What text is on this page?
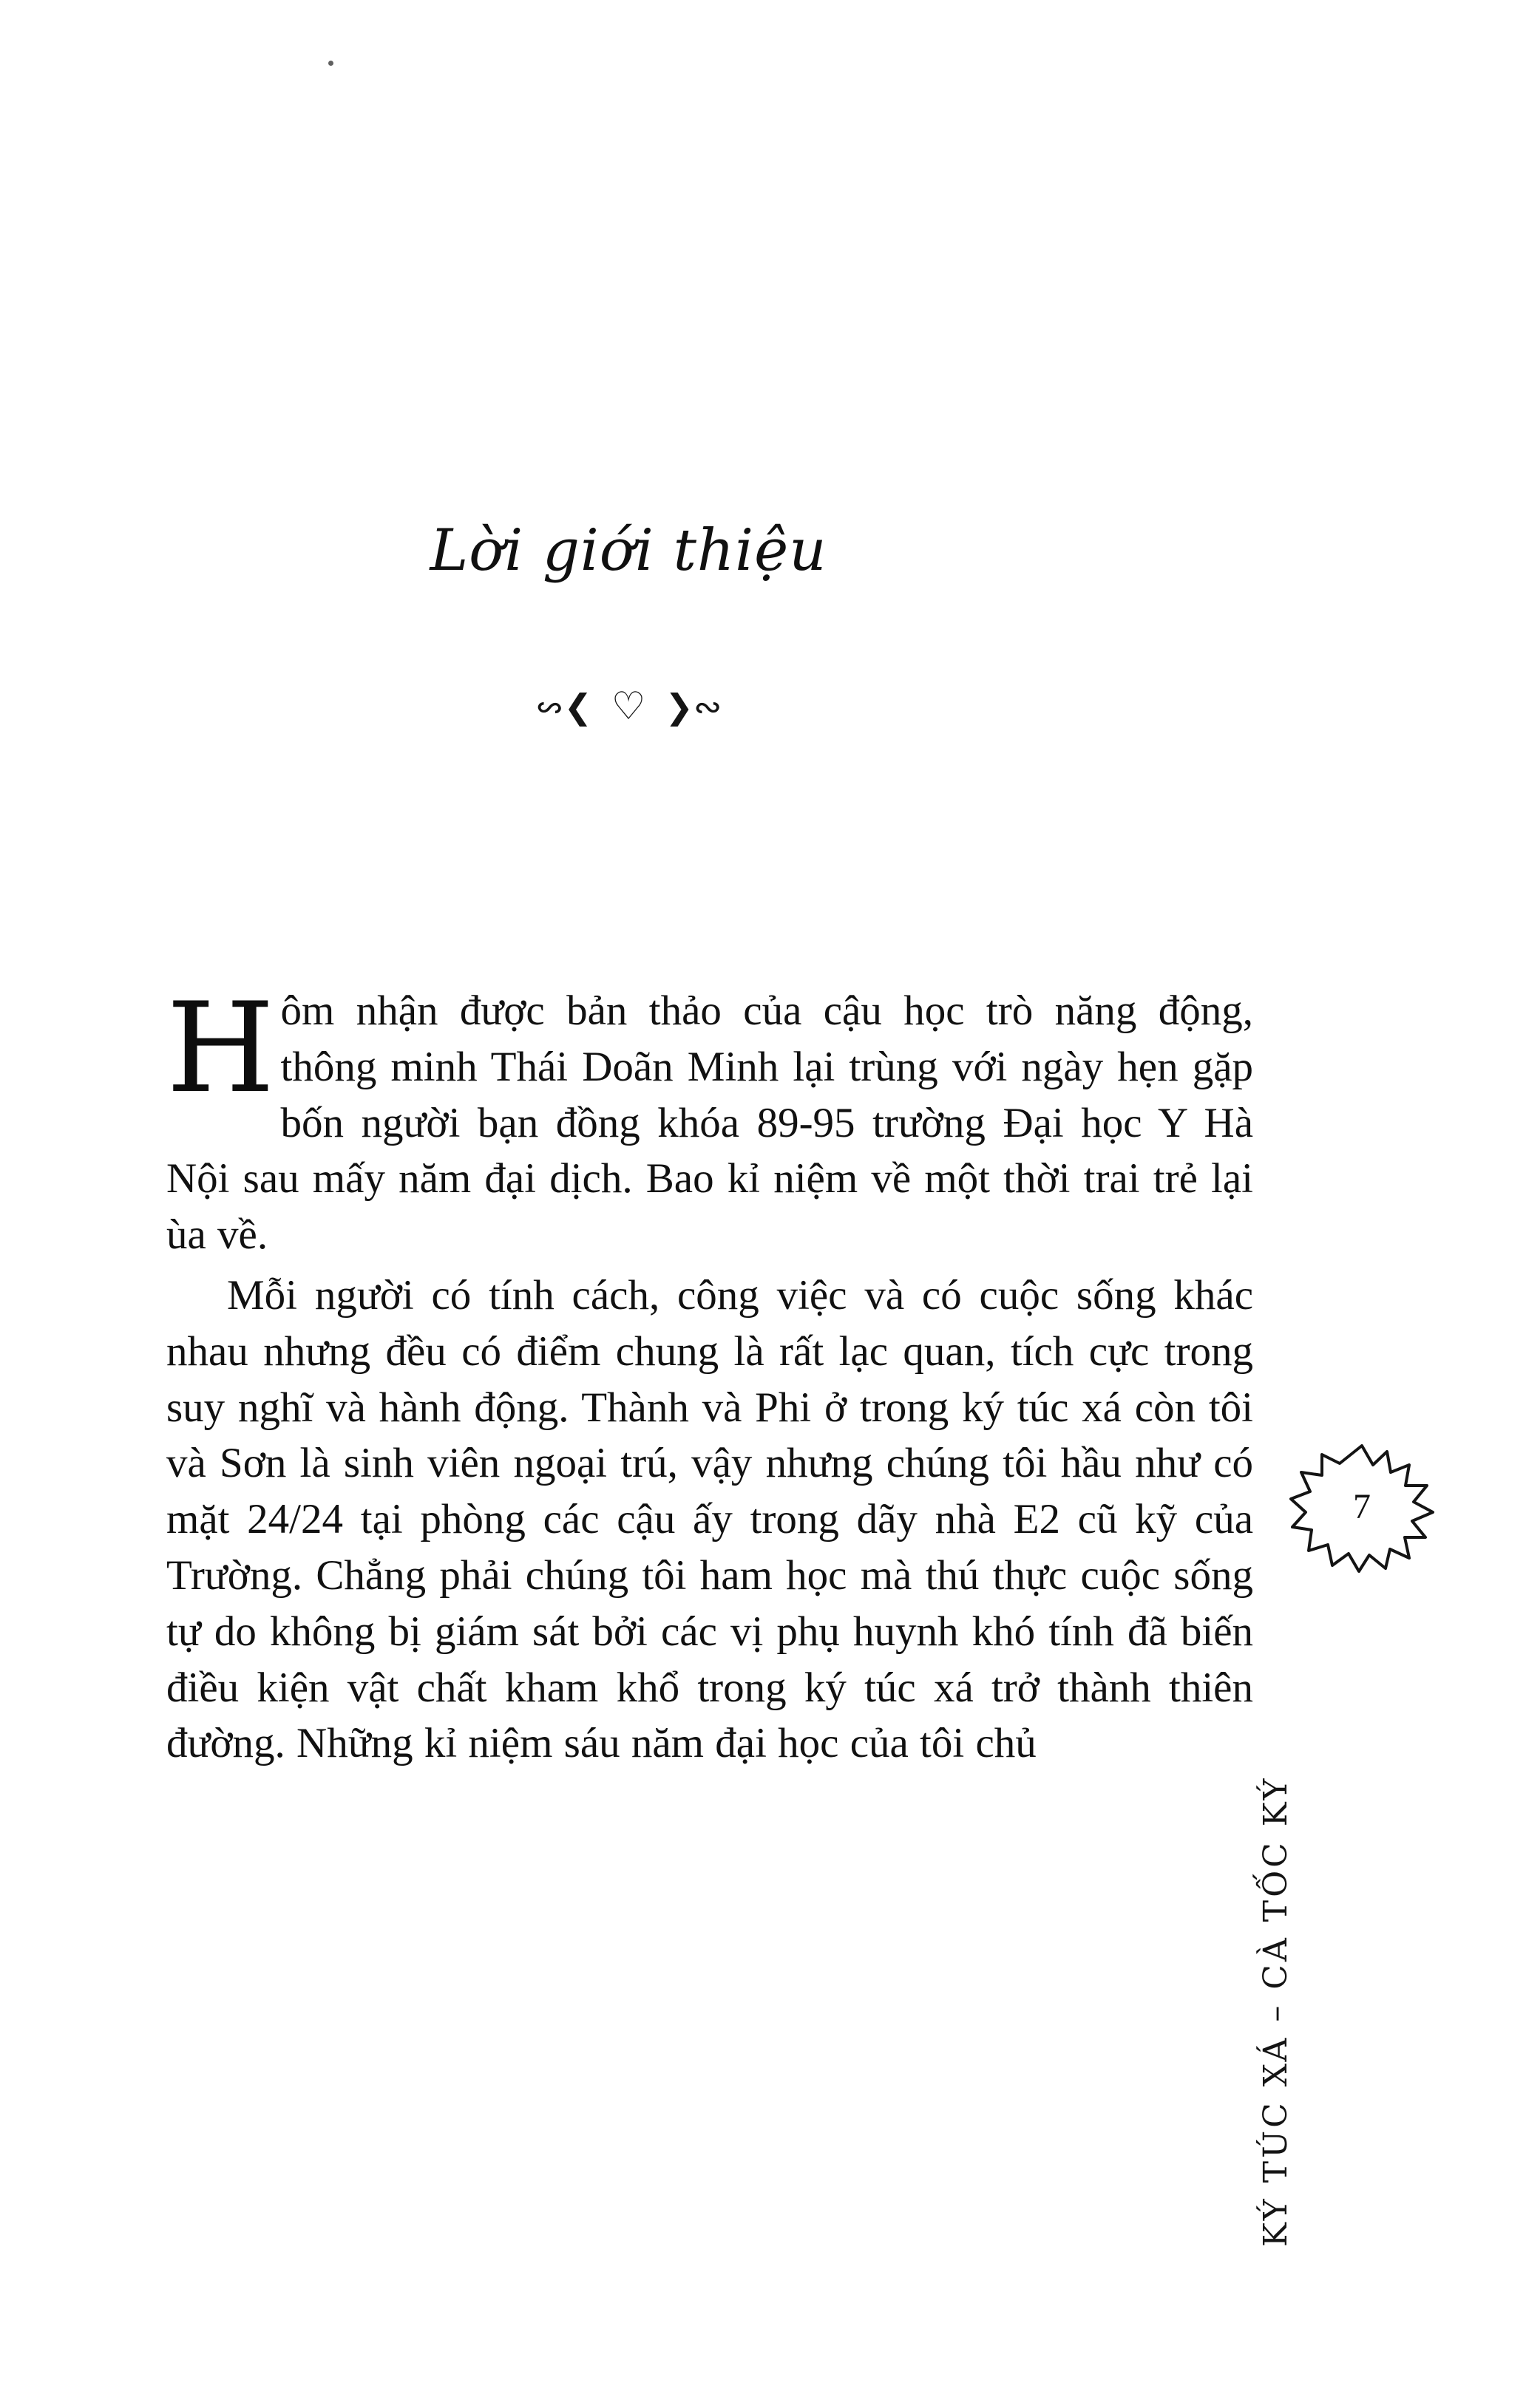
Lời giới thiệu
❯∾ ♡ ❯∾

H ôm nhận được bản thảo của cậu học trò năng động, thông minh Thái Doãn Minh lại trùng với ngày hẹn gặp bốn người bạn đồng khóa 89-95 trường Đại học Y Hà Nội sau mấy năm đại dịch. Bao kỉ niệm về một thời trai trẻ lại ùa về.

Mỗi người có tính cách, công việc và có cuộc sống khác nhau nhưng đều có điểm chung là rất lạc quan, tích cực trong suy nghĩ và hành động. Thành và Phi ở trong ký túc xá còn tôi và Sơn là sinh viên ngoại trú, vậy nhưng chúng tôi hầu như có mặt 24/24 tại phòng các cậu ấy trong dãy nhà E2 cũ kỹ của Trường. Chẳng phải chúng tôi ham học mà thú thực cuộc sống tự do không bị giám sát bởi các vị phụ huynh khó tính đã biến điều kiện vật chất kham khổ trong ký túc xá trở thành thiên đường. Những kỉ niệm sáu năm đại học của tôi chủ

7
KÝ TÚC XÁ – CÀ TỐC KÝ
